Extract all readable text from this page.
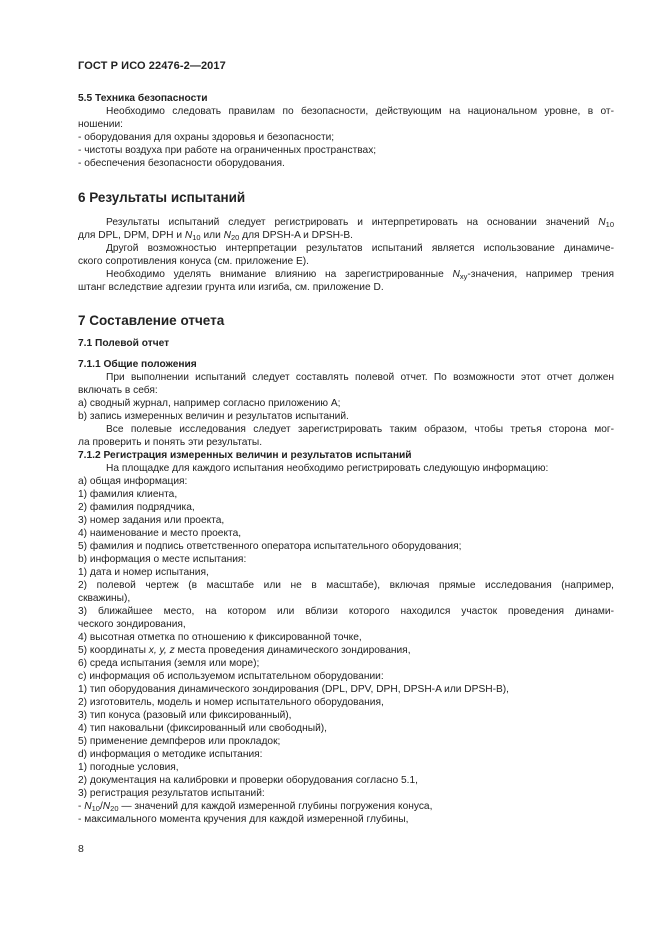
ГОСТ Р ИСО 22476-2—2017

5.5 Техника безопасности

Необходимо следовать правилам по безопасности, действующим на национальном уровне, в от-

ношении:

- оборудования для охраны здоровья и безопасности;

- чистоты воздуха при работе на ограниченных пространствах;

- обеспечения безопасности оборудования.

6 Результаты испытаний

Результаты испытаний следует регистрировать и интерпретировать на основании значений $N_{10}$

для DPL, DPM, DPH и $N_{10}$ или $N_{20}$ для DPSH-A и DPSH-B.

Другой возможностью интерпретации результатов испытаний является использование динамиче-

ского сопротивления конуса (см. приложение Е).

Необходимо уделять внимание влиянию на зарегистрированные $N_{xy}$-значения, например трения

штанг вследствие адгезии грунта или изгиба, см. приложение D.

7 Составление отчета

7.1 Полевой отчет

7.1.1 Общие положения

При выполнении испытаний следует составлять полевой отчет. По возможности этот отчет должен

включать в себя:

а) сводный журнал, например согласно приложению А;

b) запись измеренных величин и результатов испытаний.

Все полевые исследования следует зарегистрировать таким образом, чтобы третья сторона мог-

ла проверить и понять эти результаты.

7.1.2 Регистрация измеренных величин и результатов испытаний

На площадке для каждого испытания необходимо регистрировать следующую информацию:

а) общая информация:

1) фамилия клиента,

2) фамилия подрядчика,

3) номер задания или проекта,

4) наименование и место проекта,

5) фамилия и подпись ответственного оператора испытательного оборудования;

b) информация о месте испытания:

1) дата и номер испытания,

2) полевой чертеж (в масштабе или не в масштабе), включая прямые исследования (например,

скважины),

3) ближайшее место, на котором или вблизи которого находился участок проведения динами-

ческого зондирования,

4) высотная отметка по отношению к фиксированной точке,

5) координаты x, y, z места проведения динамического зондирования,

6) среда испытания (земля или море);

с) информация об используемом испытательном оборудовании:

1) тип оборудования динамического зондирования (DPL, DPV, DPH, DPSH-A или DPSH-B),

2) изготовитель, модель и номер испытательного оборудования,

3) тип конуса (разовый или фиксированный),

4) тип наковальни (фиксированный или свободный),

5) применение демпферов или прокладок;

d) информация о методике испытания:

1) погодные условия,

2) документация на калибровки и проверки оборудования согласно 5.1,

3) регистрация результатов испытаний:

- $N_{10}/N_{20}$ — значений для каждой измеренной глубины погружения конуса,

- максимального момента кручения для каждой измеренной глубины,

8
